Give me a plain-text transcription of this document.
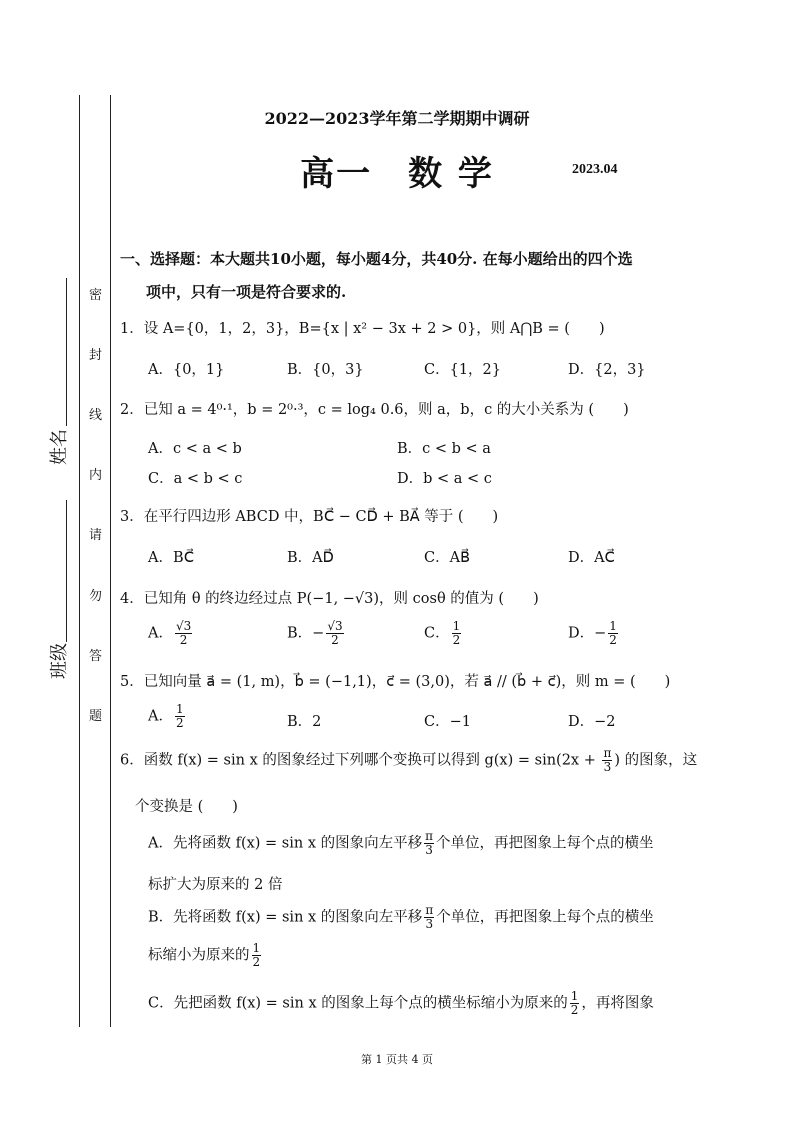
密
封
线
内
请
勿
答
题
姓名
班级
2022—2023学年第二学期期中调研
高一　数 学	2023.04
一、选择题：本大题共10小题，每小题4分，共40分. 在每小题给出的四个选
项中，只有一项是符合要求的.
1．设 A={0，1，2，3}，B={x | x² − 3x + 2 > 0}，则 A⋂B = (　　)
A．{0，1}	B．{0，3}	C．{1，2}	D．{2，3}
2．已知 a = 4⁰·¹，b = 2⁰·³，c = log₄ 0.6，则 a，b，c 的大小关系为 (　　)
A．c < a < b	B．c < b < a
C．a < b < c	D．b < a < c
3．在平行四边形 ABCD 中，BC⃗ − CD⃗ + BA⃗ 等于 (　　)
A．BC⃗	B．AD⃗	C．AB⃗	D．AC⃗
4．已知角 θ 的终边经过点 P(−1, −√3)，则 cosθ 的值为 (　　)
A． $\frac{√3}{2}$	B．− $\frac{√3}{2}$	C． $\frac{1}{2}$	D．− $\frac{1}{2}$
5．已知向量 a⃗ = (1, m)，b⃗ = (−1,1)，c⃗ = (3,0)，若 a⃗ // (b⃗ + c⃗)，则 m = (　　)
A． $\frac{1}{2}$	B．2	C．−1	D．−2
6．函数 f(x) = sin x 的图象经过下列哪个变换可以得到 $g(x) = \sin(2x + \frac{\pi}{3}$ ) 的图象，这
个变换是 (　　)
A．先将函数 f(x) = sin x 的图象向左平移 $\frac{\pi}{3}$ 个单位，再把图象上每个点的横坐
标扩大为原来的 2 倍
B．先将函数 f(x) = sin x 的图象向左平移 $\frac{\pi}{3}$ 个单位，再把图象上每个点的横坐
标缩小为原来的 $\frac{1}{2}$
C．先把函数 f(x) = sin x 的图象上每个点的横坐标缩小为原来的 $\frac{1}{2}$ ，再将图象
第 1 页共 4 页
